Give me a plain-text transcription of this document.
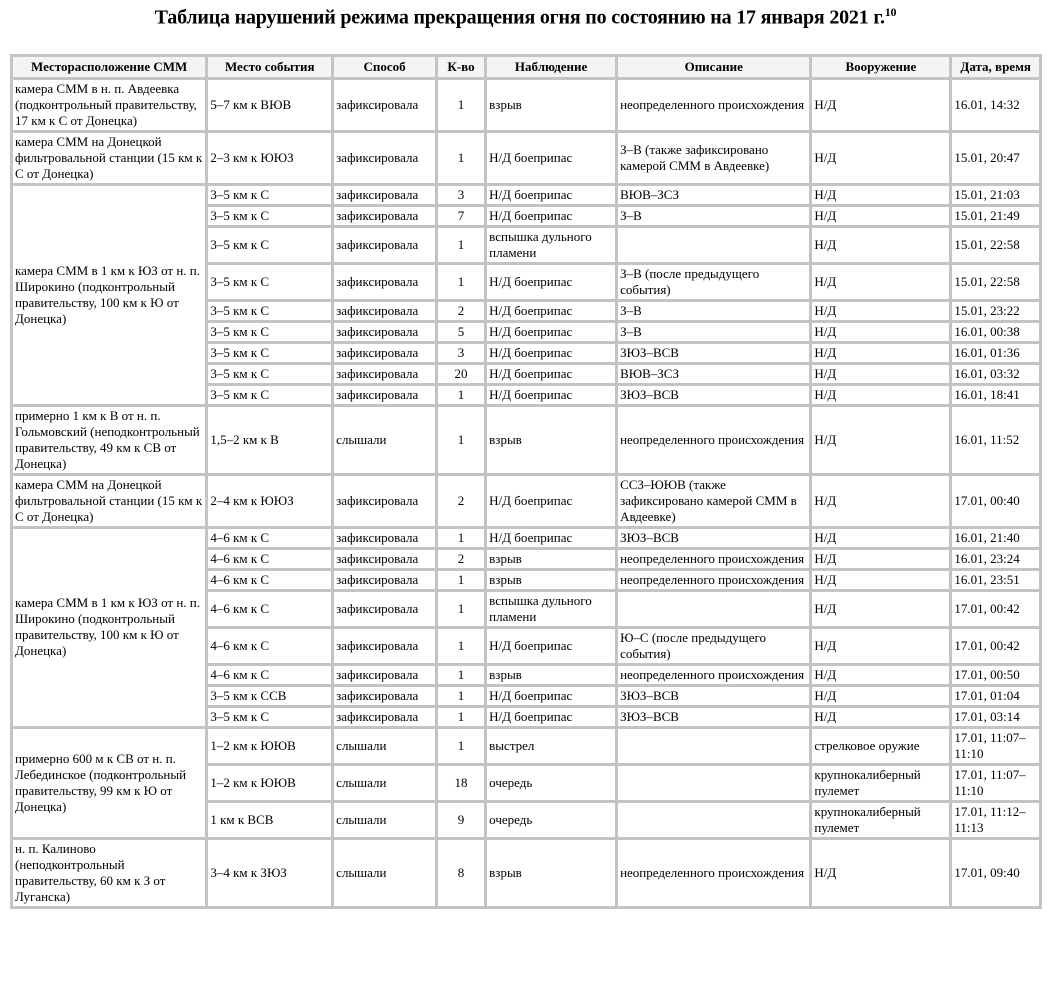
Таблица нарушений режима прекращения огня по состоянию на 17 января 2021 г.$^{10}$
Месторасположение СММ	Место события	Способ	К-во	Наблюдение	Описание	Вооружение	Дата, время
камера СММ в н. п. Авдеевка (подконтрольный правительству, 17 км к С от Донецка)	5–7 км к ВЮВ	зафиксировала	1	взрыв	неопределенного происхождения	Н/Д	16.01, 14:32
камера СММ на Донецкой фильтровальной станции (15 км к С от Донецка)	2–3 км к ЮЮЗ	зафиксировала	1	Н/Д боеприпас	З–В (также зафиксировано камерой СММ в Авдеевке)	Н/Д	15.01, 20:47
камера СММ в 1 км к ЮЗ от н. п. Широкино (подконтрольный правительству, 100 км к Ю от Донецка)	3–5 км к С	зафиксировала	3	Н/Д боеприпас	ВЮВ–ЗСЗ	Н/Д	15.01, 21:03
	3–5 км к С	зафиксировала	7	Н/Д боеприпас	З–В	Н/Д	15.01, 21:49
	3–5 км к С	зафиксировала	1	вспышка дульного пламени		Н/Д	15.01, 22:58
	3–5 км к С	зафиксировала	1	Н/Д боеприпас	З–В (после предыдущего события)	Н/Д	15.01, 22:58
	3–5 км к С	зафиксировала	2	Н/Д боеприпас	З–В	Н/Д	15.01, 23:22
	3–5 км к С	зафиксировала	5	Н/Д боеприпас	З–В	Н/Д	16.01, 00:38
	3–5 км к С	зафиксировала	3	Н/Д боеприпас	ЗЮЗ–ВСВ	Н/Д	16.01, 01:36
	3–5 км к С	зафиксировала	20	Н/Д боеприпас	ВЮВ–ЗСЗ	Н/Д	16.01, 03:32
	3–5 км к С	зафиксировала	1	Н/Д боеприпас	ЗЮЗ–ВСВ	Н/Д	16.01, 18:41
примерно 1 км к В от н. п. Гольмовский (неподконтрольный правительству, 49 км к СВ от Донецка)	1,5–2 км к В	слышали	1	взрыв	неопределенного происхождения	Н/Д	16.01, 11:52
камера СММ на Донецкой фильтровальной станции (15 км к С от Донецка)	2–4 км к ЮЮЗ	зафиксировала	2	Н/Д боеприпас	ССЗ–ЮЮВ (также зафиксировано камерой СММ в Авдеевке)	Н/Д	17.01, 00:40
камера СММ в 1 км к ЮЗ от н. п. Широкино (подконтрольный правительству, 100 км к Ю от Донецка)	4–6 км к С	зафиксировала	1	Н/Д боеприпас	ЗЮЗ–ВСВ	Н/Д	16.01, 21:40
	4–6 км к С	зафиксировала	2	взрыв	неопределенного происхождения	Н/Д	16.01, 23:24
	4–6 км к С	зафиксировала	1	взрыв	неопределенного происхождения	Н/Д	16.01, 23:51
	4–6 км к С	зафиксировала	1	вспышка дульного пламени		Н/Д	17.01, 00:42
	4–6 км к С	зафиксировала	1	Н/Д боеприпас	Ю–С (после предыдущего события)	Н/Д	17.01, 00:42
	4–6 км к С	зафиксировала	1	взрыв	неопределенного происхождения	Н/Д	17.01, 00:50
	3–5 км к ССВ	зафиксировала	1	Н/Д боеприпас	ЗЮЗ–ВСВ	Н/Д	17.01, 01:04
	3–5 км к С	зафиксировала	1	Н/Д боеприпас	ЗЮЗ–ВСВ	Н/Д	17.01, 03:14
примерно 600 м к СВ от н. п. Лебединское (подконтрольный правительству, 99 км к Ю от Донецка)	1–2 км к ЮЮВ	слышали	1	выстрел		стрелковое оружие	17.01, 11:07–11:10
	1–2 км к ЮЮВ	слышали	18	очередь		крупнокалиберный пулемет	17.01, 11:07–11:10
	1 км к ВСВ	слышали	9	очередь		крупнокалиберный пулемет	17.01, 11:12–11:13
н. п. Калиново (неподконтрольный правительству, 60 км к З от Луганска)	3–4 км к ЗЮЗ	слышали	8	взрыв	неопределенного происхождения	Н/Д	17.01, 09:40
